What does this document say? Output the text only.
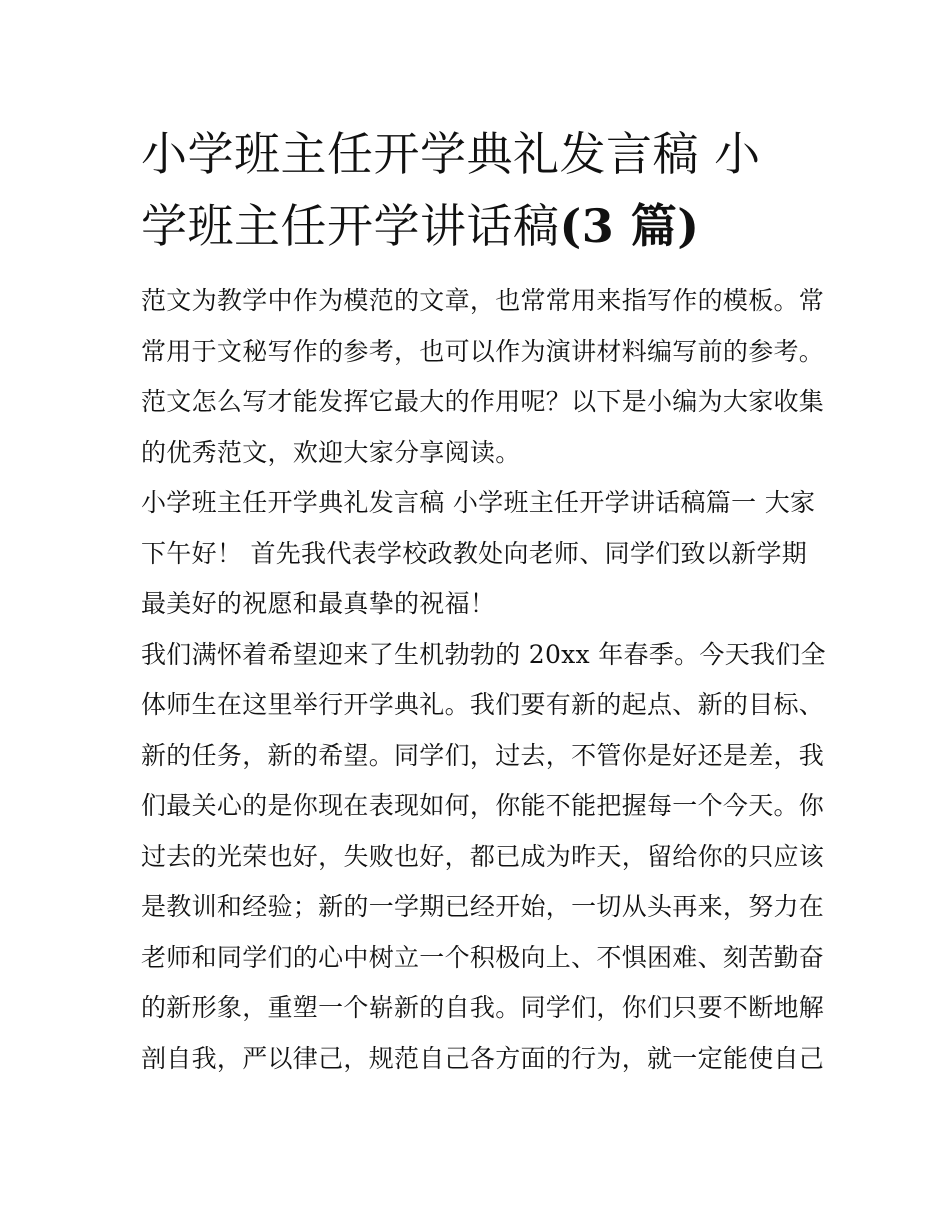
小学班主任开学典礼发言稿 小
学班主任开学讲话稿(3 篇)
范文为教学中作为模范的文章，也常常用来指写作的模板。常
常用于文秘写作的参考，也可以作为演讲材料编写前的参考。
范文怎么写才能发挥它最大的作用呢？以下是小编为大家收集
的优秀范文，欢迎大家分享阅读。
小学班主任开学典礼发言稿 小学班主任开学讲话稿篇一 大家
下午好！ 首先我代表学校政教处向老师、同学们致以新学期
最美好的祝愿和最真挚的祝福！
我们满怀着希望迎来了生机勃勃的 20xx 年春季。今天我们全
体师生在这里举行开学典礼。我们要有新的起点、新的目标、
新的任务，新的希望。同学们，过去，不管你是好还是差，我
们最关心的是你现在表现如何，你能不能把握每一个今天。你
过去的光荣也好，失败也好，都已成为昨天，留给你的只应该
是教训和经验；新的一学期已经开始，一切从头再来，努力在
老师和同学们的心中树立一个积极向上、不惧困难、刻苦勤奋
的新形象，重塑一个崭新的自我。同学们，你们只要不断地解
剖自我，严以律己，规范自己各方面的行为，就一定能使自己
